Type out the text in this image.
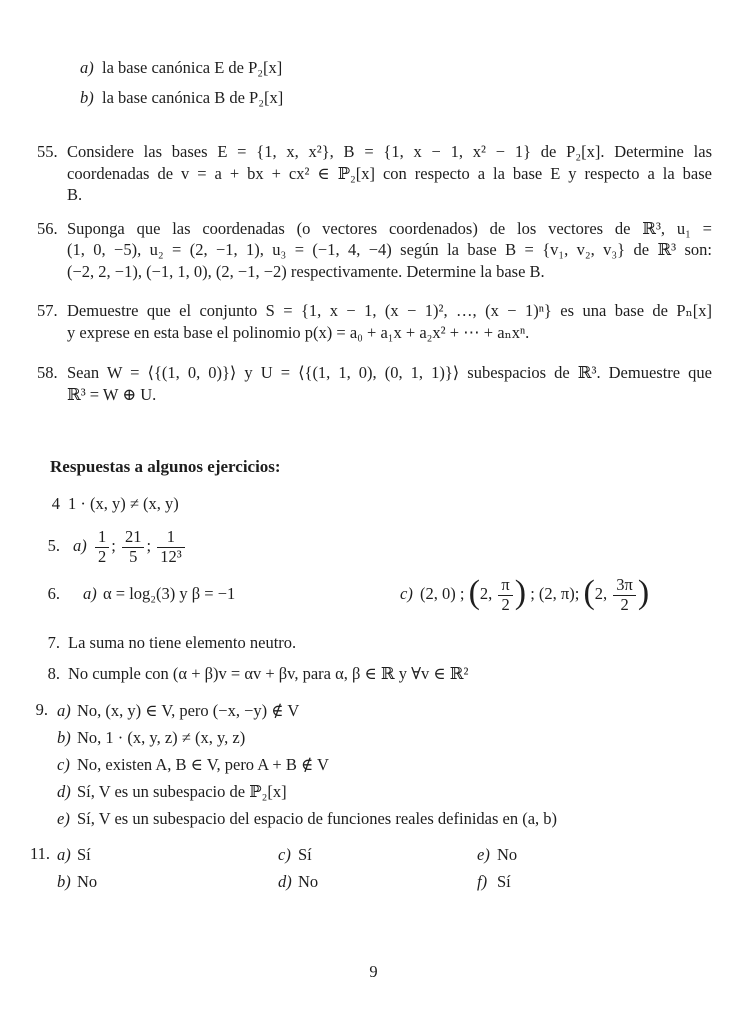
a) la base canónica E de P₂[x]
b) la base canónica B de P₂[x]
55. Considere las bases E = {1, x, x²}, B = {1, x − 1, x² − 1} de P₂[x]. Determine las
coordenadas de v = a + bx + cx² ∈ ℙ₂[x] con respecto a la base E y respecto a la base
B.
56. Suponga que las coordenadas (o vectores coordenados) de los vectores de ℝ³, u₁ =
(1, 0, −5), u₂ = (2, −1, 1), u₃ = (−1, 4, −4) según la base B = {v₁, v₂, v₃} de ℝ³ son:
(−2, 2, −1), (−1, 1, 0), (2, −1, −2) respectivamente. Determine la base B.
57. Demuestre que el conjunto S = {1, x − 1, (x − 1)², …, (x − 1)ⁿ} es una base de Pₙ[x]
y exprese en esta base el polinomio p(x) = a₀ + a₁x + a₂x² + ⋯ + aₙxⁿ.
58. Sean W = ⟨{(1, 0, 0)}⟩ y U = ⟨{(1, 1, 0), (0, 1, 1)}⟩ subespacios de ℝ³. Demuestre que
ℝ³ = W ⊕ U.
Respuestas a algunos ejercicios:
4 1 · (x, y) ≠ (x, y)
5. $a) \frac{1}{2}$ ; $\frac{21}{5}$ ; $\frac{1}{\text{12³}}$
6. a) α = log₂(3) y β = −1	c) (2, 0) ; (2, $\frac{\pi}{2}$ ) ; (2, π); (2, $\frac{3\pi}{2}$ )
7. La suma no tiene elemento neutro.
8. No cumple con (α + β)v = αv + βv, para α, β ∈ ℝ y ∀v ∈ ℝ²
9. a) No, (x, y) ∈ V, pero (−x, −y) ∉ V
b) No, 1 · (x, y, z) ≠ (x, y, z)
c) No, existen A, B ∈ V, pero A + B ∉ V
d) Sí, V es un subespacio de ℙ₂[x]
e) Sí, V es un subespacio del espacio de funciones reales definidas en (a, b)
11. a) Sí	c) Sí	e) No
b) No	d) No	f) Sí
9
